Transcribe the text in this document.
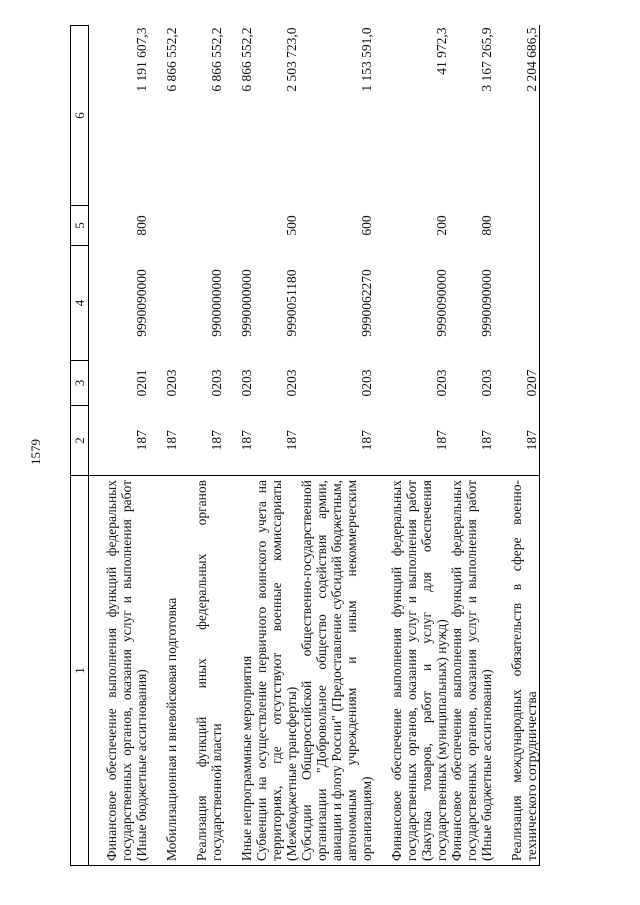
1579
1	2	3	4	5	6
Финансовое обеспечение выполнения функций федеральных государственных органов, оказания услуг и выполнения работ (Иные бюджетные ассигнования)	187	0201	9990090000	800	1 191 607,3
Мобилизационная и вневойсковая подготовка	187	0203			6 866 552,2
Реализация функций иных федеральных органов государственной власти	187	0203	9900000000		6 866 552,2
Иные непрограммные мероприятия	187	0203	9990000000		6 866 552,2
Субвенции на осуществление первичного воинского учета на территориях, где отсутствуют военные комиссариаты (Межбюджетные трансферты)	187	0203	9990051180	500	2 503 723,0
Субсидии Общероссийской общественно-государственной организации "Добровольное общество содействия армии, авиации и флоту России" (Предоставление субсидий бюджетным, автономным учреждениям и иным некоммерческим организациям)	187	0203	9990062270	600	1 153 591,0
Финансовое обеспечение выполнения функций федеральных государственных органов, оказания услуг и выполнения работ (Закупка товаров, работ и услуг для обеспечения государственных (муниципальных) нужд)	187	0203	9990090000	200	41 972,3
Финансовое обеспечение выполнения функций федеральных государственных органов, оказания услуг и выполнения работ (Иные бюджетные ассигнования)	187	0203	9990090000	800	3 167 265,9
Реализация международных обязательств в сфере военно-технического сотрудничества	187	0207			2 204 686,5
